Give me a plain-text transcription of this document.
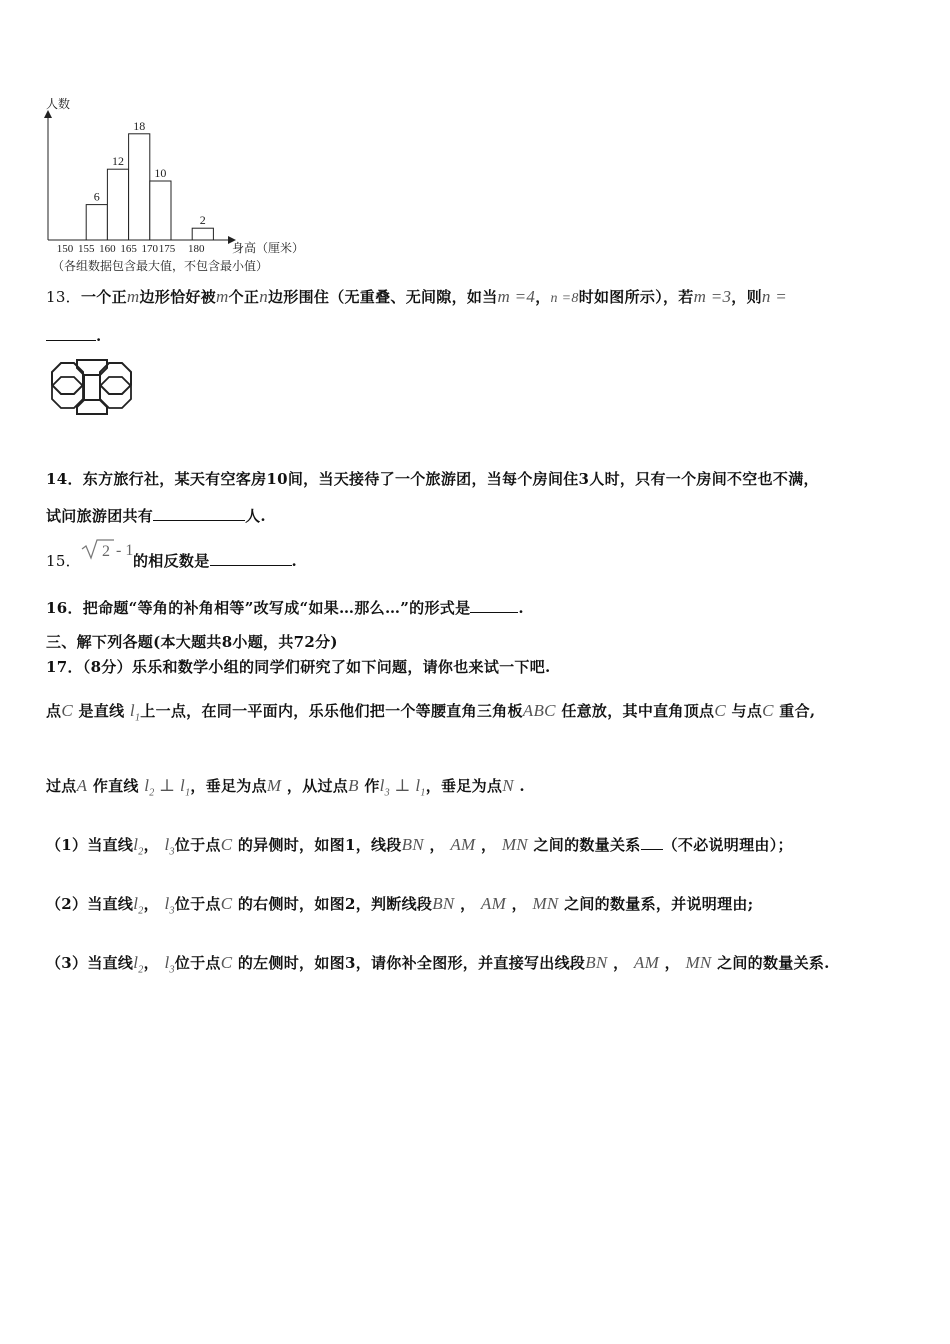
人数
身高（厘米）
6
12
18
10
2
150 155 160 165 170 175 180
（各组数据包含最大值，不包含最小值）
13．一个正m边形恰好被m个正n边形围住（无重叠、无间隙，如当m =4，n =8时如图所示），若m =3，则n =
.
14．东方旅行社，某天有空客房10间，当天接待了一个旅游团，当每个房间住3人时，只有一个房间不空也不满，
试问旅游团共有	人.
15．
2 - 1
的相反数是	.
16．把命题“等角的补角相等”改写成“如果…那么…”的形式是	.
三、解下列各题(本大题共8小题，共72分)
17．（8分）乐乐和数学小组的同学们研究了如下问题，请你也来试一下吧.
点C 是直线 $l_1$上一点，在同一平面内，乐乐他们把一个等腰直角三角板ABC 任意放，其中直角顶点C 与点C 重合,
过点A 作直线 $l_2$ ⊥ $l_1$，垂足为点M ，从过点B 作$l_3$ ⊥ $l_1$，垂足为点N .
（1）当直线$l_2$， $l_3$位于点C 的异侧时，如图1，线段BN ， AM ， MN 之间的数量关系 （不必说明理由）；
（2）当直线$l_2$， $l_3$位于点C 的右侧时，如图2，判断线段BN ， AM ， MN 之间的数量系，并说明理由;
（3）当直线$l_2$， $l_3$位于点C 的左侧时，如图3，请你补全图形，并直接写出线段BN ， AM ， MN 之间的数量关系.
